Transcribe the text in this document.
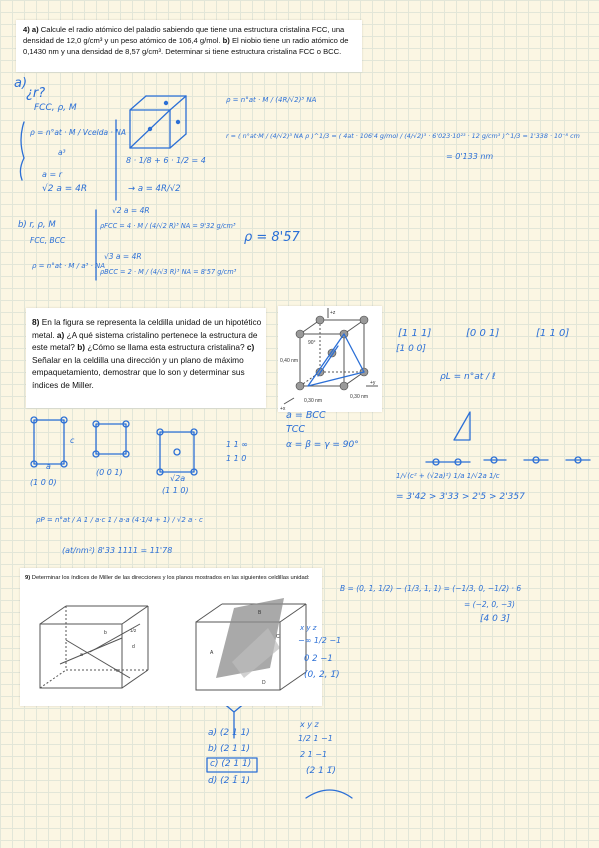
4) a) Calcule el radio atómico del paladio sabiendo que tiene una estructura cristalina FCC, una densidad de 12,0 g/cm³ y un peso atómico de 106,4 g/mol. b) El niobio tiene un radio atómico de 0,1430 nm y una densidad de 8,57 g/cm³. Determinar si tiene estructura cristalina FCC o BCC.
a)
¿r?
FCC, ρ, M
ρ = n°at · M / Vcelda · NA
a³
a = r
√2 a = 4R
8 · 1/8 + 6 · 1/2 = 4
→ a = 4R/√2
ρ = n°at · M / (4R/√2)³ NA
r = ( n°at·M / (4/√2)³ NA ρ )^1/3 = ( 4at · 106'4 g/mol / (4/√2)³ · 6'023·10²³ · 12 g/cm³ )^1/3 = 1'338 · 10⁻⁸ cm
= 0'133 nm
b) r, ρ, M
FCC, BCC
ρ = n°at · M / a³ · NA
√2 a = 4R
ρFCC = 4 · M / (4/√2 R)³ NA = 9'32 g/cm³
√3 a = 4R
ρBCC = 2 · M / (4/√3 R)³ NA = 8'57 g/cm³
ρ = 8'57
8) En la figura se representa la celdilla unidad de un hipotético metal. a) ¿A qué sistema cristalino pertenece la estructura de este metal? b) ¿Cómo se llama esta estructura cristalina? c) Señalar en la celdilla una dirección y un plano de máximo empaquetamiento, demostrar que lo son y determinar sus índices de Miller.
0,40 nm
0,30 nm
0,30 nm
+z
+x
+y
90°
[1 1 1]	[0 0 1]	[1 1 0]
[1 0 0]
ρL = n°at / ℓ
a = BCC
TCC
α = β = γ = 90°
c
a
√2a
(1 0 0)
(0 0 1)
(1 1 0)
1 1 ∞
1 1 0
1/√(c² + (√2a)²) 1/a 1/√2a 1/c
= 3'42 > 3'33 > 2'5 > 2'357
ρP = n°at / A 1 / a·c 1 / a·a (4·1/4 + 1) / √2 a · c
(at/nm²) 8'33 1111 = 11'78
9) Determinar los índices de Miller de las direcciones y los planos mostrados en las siguientes celdillas unidad:
a
b
c
d
1/2
A
B
C
D
B = (0, 1, 1/2) − (1/3, 1, 1) = (−1/3, 0, −1/2) · 6
= (−2, 0, −3)
[4 0 3]
x y z
−∞ 1/2 −1
0 2 −1
(0, 2, 1̄)
a) (2 1 1)
b) (2 1 1)
c) (2 1 1̄)
d) (2 1̄ 1)
x y z
1/2 1 −1
2 1 −1
(2 1 1̄)
